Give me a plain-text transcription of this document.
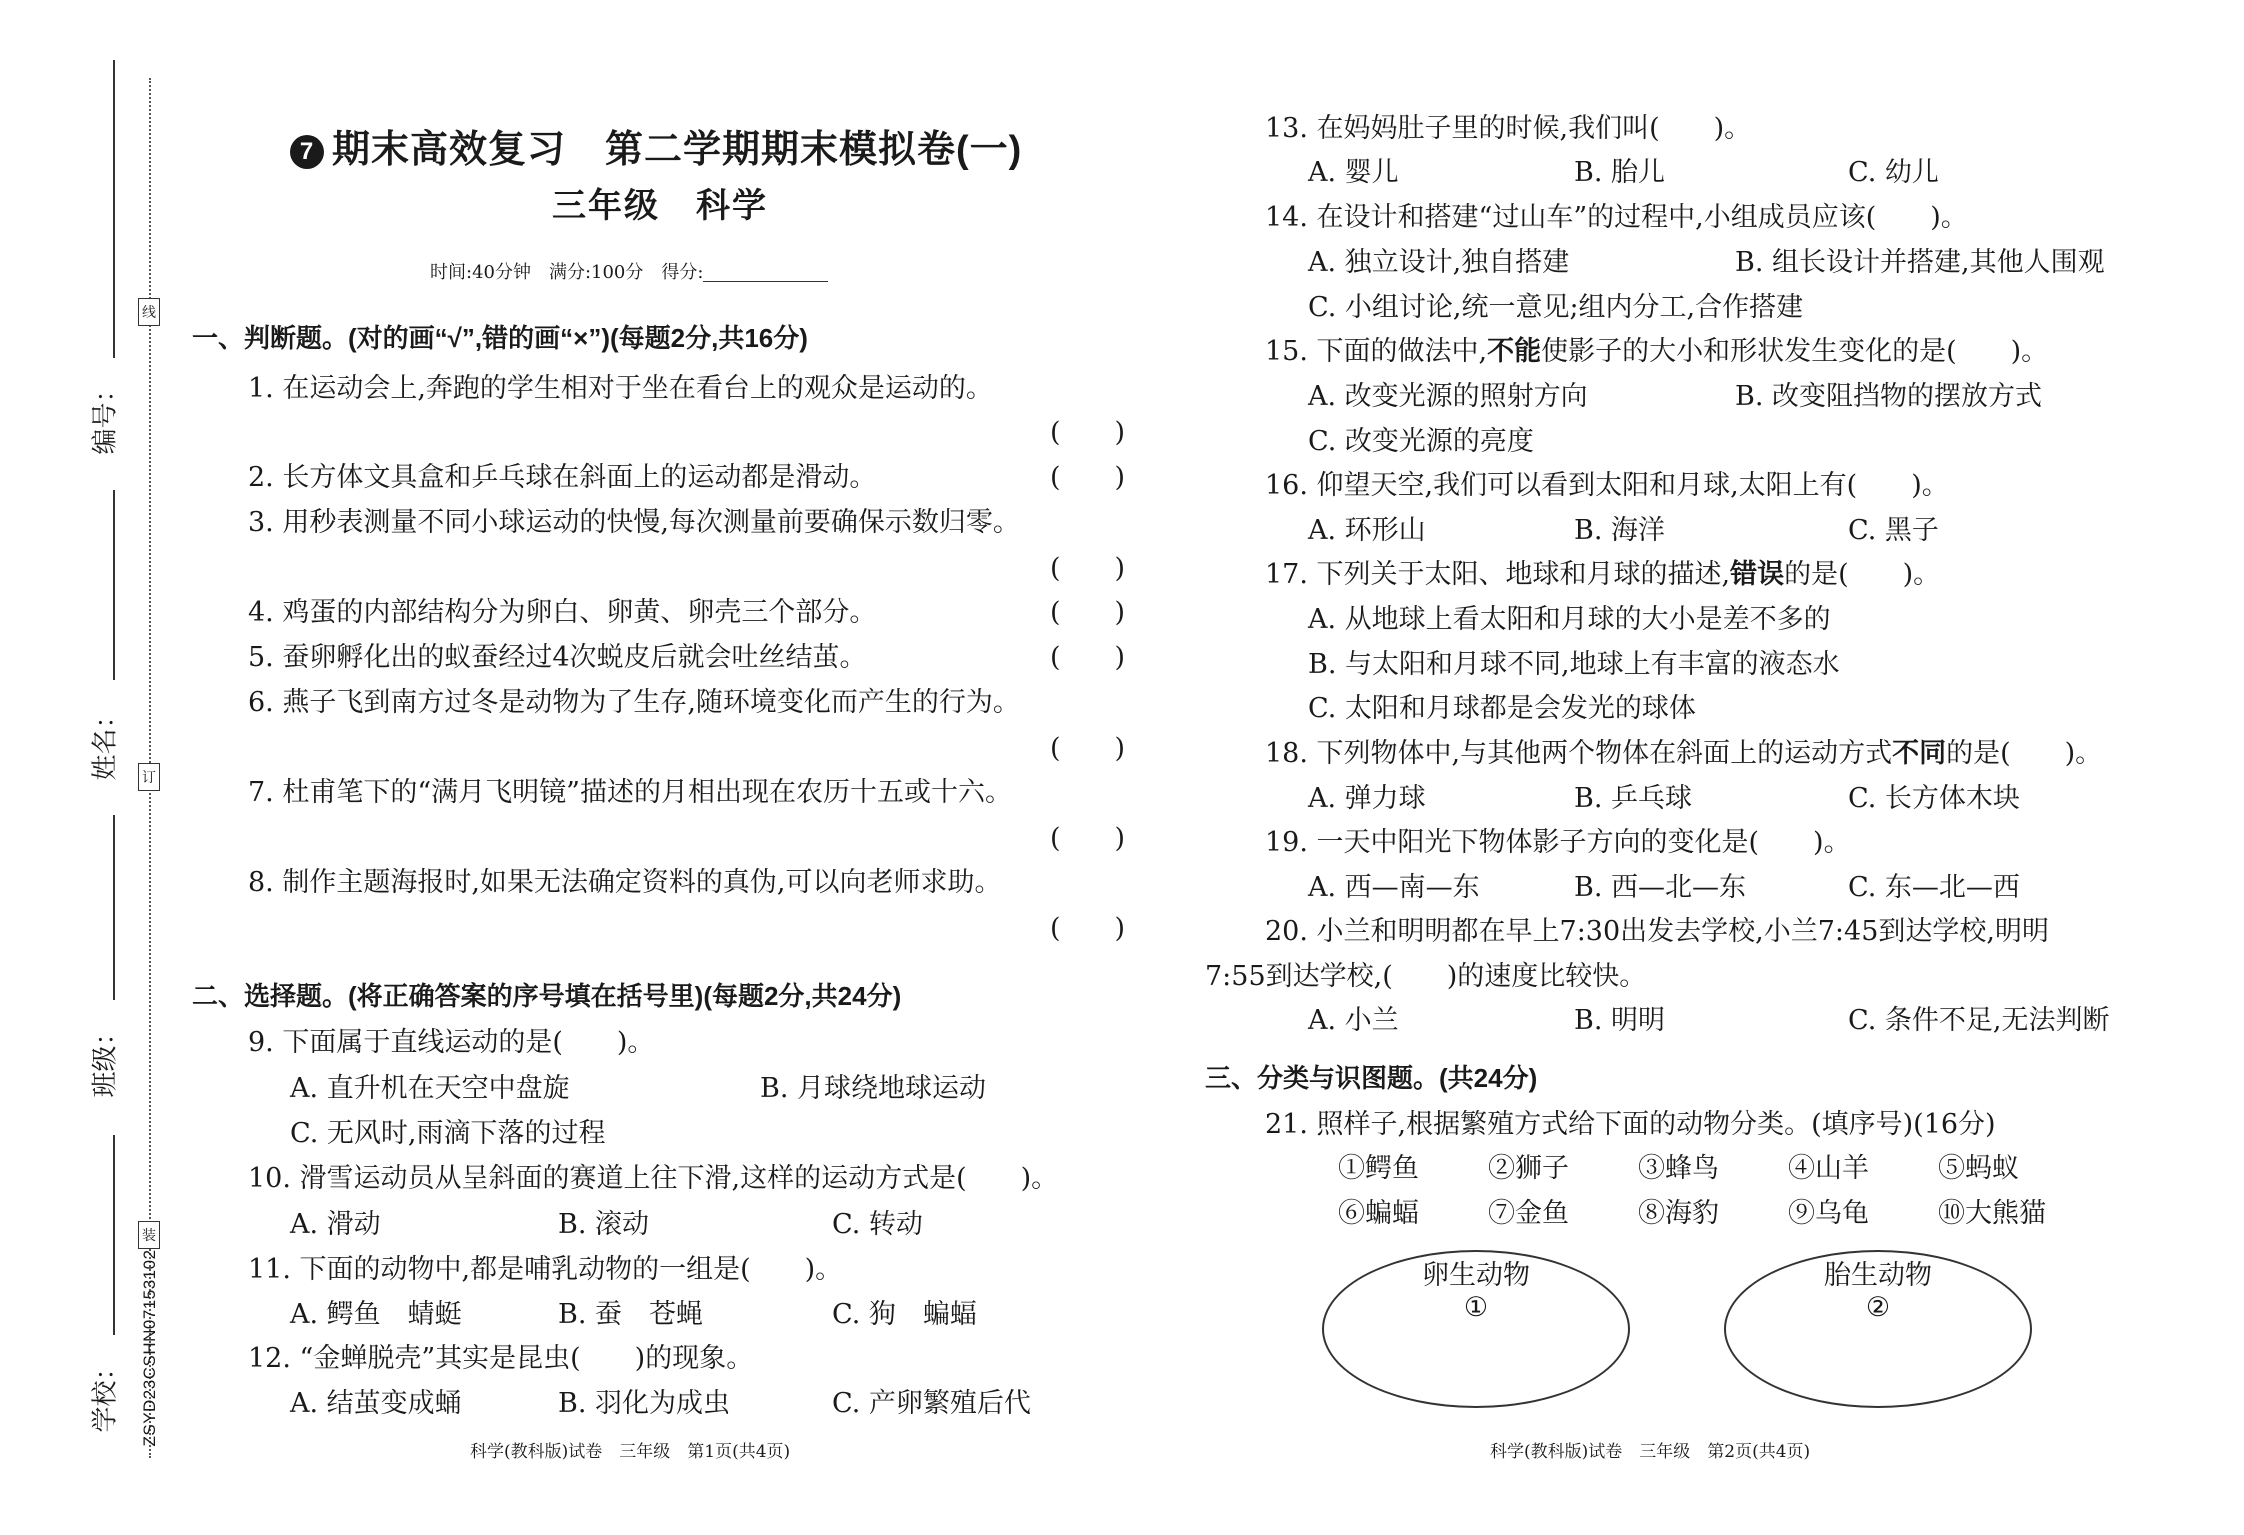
线
订
装
编号：
姓名：
班级：
学校： ZSYD23CSHN07153102
7 期末高效复习　第二学期期末模拟卷(一)
三年级　科学
时间:40分钟　满分:100分　得分:
一、判断题。(对的画“√”,错的画“×”)(每题2分,共16分)
1. 在运动会上,奔跑的学生相对于坐在看台上的观众是运动的。
(　　)
2. 长方体文具盒和乒乓球在斜面上的运动都是滑动。	(　　)
3. 用秒表测量不同小球运动的快慢,每次测量前要确保示数归零。
(　　)
4. 鸡蛋的内部结构分为卵白、卵黄、卵壳三个部分。	(　　)
5. 蚕卵孵化出的蚁蚕经过4次蜕皮后就会吐丝结茧。	(　　)
6. 燕子飞到南方过冬是动物为了生存,随环境变化而产生的行为。
(　　)
7. 杜甫笔下的“满月飞明镜”描述的月相出现在农历十五或十六。
(　　)
8. 制作主题海报时,如果无法确定资料的真伪,可以向老师求助。
(　　)
二、选择题。(将正确答案的序号填在括号里)(每题2分,共24分)
9. 下面属于直线运动的是(　　)。
A. 直升机在天空中盘旋	B. 月球绕地球运动
C. 无风时,雨滴下落的过程
10. 滑雪运动员从呈斜面的赛道上往下滑,这样的运动方式是(　　)。
A. 滑动	B. 滚动	C. 转动
11. 下面的动物中,都是哺乳动物的一组是(　　)。
A. 鳄鱼　蜻蜓	B. 蚕　苍蝇	C. 狗　蝙蝠
12. “金蝉脱壳”其实是昆虫(　　)的现象。
A. 结茧变成蛹	B. 羽化为成虫	C. 产卵繁殖后代
科学(教科版)试卷　三年级　第1页(共4页)
13. 在妈妈肚子里的时候,我们叫(　　)。
A. 婴儿	B. 胎儿	C. 幼儿
14. 在设计和搭建“过山车”的过程中,小组成员应该(　　)。
A. 独立设计,独自搭建	B. 组长设计并搭建,其他人围观
C. 小组讨论,统一意见;组内分工,合作搭建
15. 下面的做法中,不能使影子的大小和形状发生变化的是(　　)。
A. 改变光源的照射方向	B. 改变阻挡物的摆放方式
C. 改变光源的亮度
16. 仰望天空,我们可以看到太阳和月球,太阳上有(　　)。
A. 环形山	B. 海洋	C. 黑子
17. 下列关于太阳、地球和月球的描述,错误的是(　　)。
A. 从地球上看太阳和月球的大小是差不多的
B. 与太阳和月球不同,地球上有丰富的液态水
C. 太阳和月球都是会发光的球体
18. 下列物体中,与其他两个物体在斜面上的运动方式不同的是(　　)。
A. 弹力球	B. 乒乓球	C. 长方体木块
19. 一天中阳光下物体影子方向的变化是(　　)。
A. 西—南—东	B. 西—北—东	C. 东—北—西
20. 小兰和明明都在早上7:30出发去学校,小兰7:45到达学校,明明
7:55到达学校,(　　)的速度比较快。
A. 小兰	B. 明明	C. 条件不足,无法判断
三、分类与识图题。(共24分)
21. 照样子,根据繁殖方式给下面的动物分类。(填序号)(16分)
①鳄鱼	②狮子	③蜂鸟	④山羊	⑤蚂蚁
⑥蝙蝠	⑦金鱼	⑧海豹	⑨乌龟	⑩大熊猫
卵生动物
①
胎生动物
②
科学(教科版)试卷　三年级　第2页(共4页)
